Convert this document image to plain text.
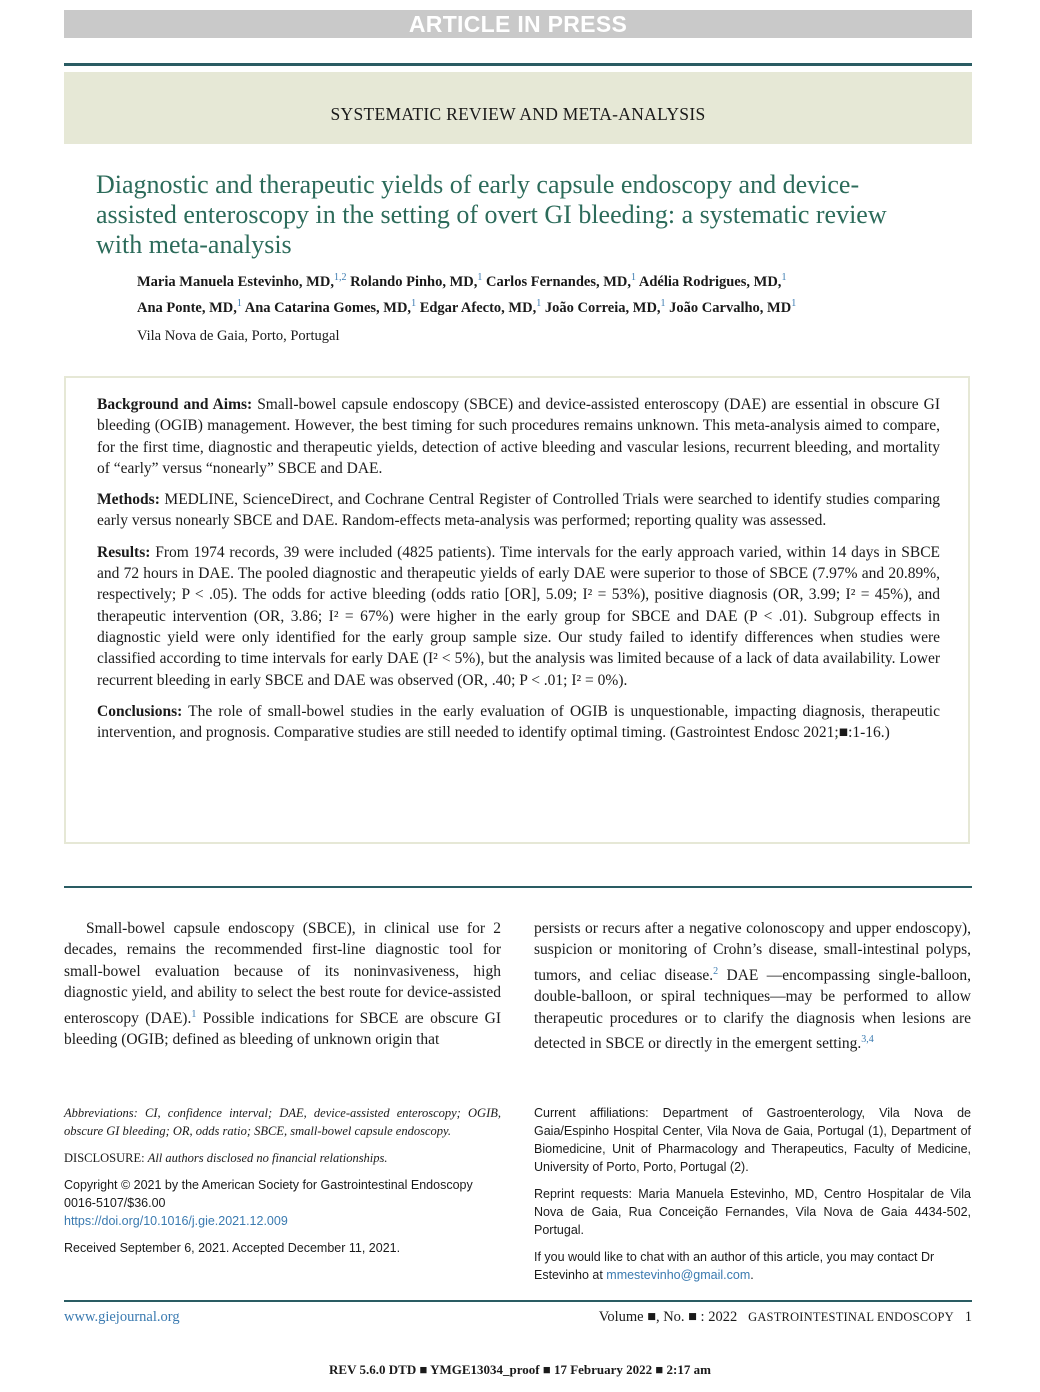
ARTICLE IN PRESS
SYSTEMATIC REVIEW AND META-ANALYSIS
Diagnostic and therapeutic yields of early capsule endoscopy and device-assisted enteroscopy in the setting of overt GI bleeding: a systematic review with meta-analysis
Maria Manuela Estevinho, MD,$^{1,2}$ Rolando Pinho, MD,$^1$ Carlos Fernandes, MD,$^1$ Adélia Rodrigues, MD,$^1$
Ana Ponte, MD,$^1$ Ana Catarina Gomes, MD,$^1$ Edgar Afecto, MD,$^1$ João Correia, MD,$^1$ João Carvalho, $MD^1$
Vila Nova de Gaia, Porto, Portugal

Background and Aims: Small-bowel capsule endoscopy (SBCE) and device-assisted enteroscopy (DAE) are essential in obscure GI bleeding (OGIB) management. However, the best timing for such procedures remains unknown. This meta-analysis aimed to compare, for the first time, diagnostic and therapeutic yields, detection of active bleeding and vascular lesions, recurrent bleeding, and mortality of “early” versus “nonearly” SBCE and DAE.

Methods: MEDLINE, ScienceDirect, and Cochrane Central Register of Controlled Trials were searched to identify studies comparing early versus nonearly SBCE and DAE. Random-effects meta-analysis was performed; reporting quality was assessed.

Results: From 1974 records, 39 were included (4825 patients). Time intervals for the early approach varied, within 14 days in SBCE and 72 hours in DAE. The pooled diagnostic and therapeutic yields of early DAE were superior to those of SBCE (7.97% and 20.89%, respectively; P < .05). The odds for active bleeding (odds ratio [OR], 5.09; I² = 53%), positive diagnosis (OR, 3.99; I² = 45%), and therapeutic intervention (OR, 3.86; I² = 67%) were higher in the early group for SBCE and DAE (P < .01). Subgroup effects in diagnostic yield were only identified for the early group sample size. Our study failed to identify differences when studies were classified according to time intervals for early DAE (I² < 5%), but the analysis was limited because of a lack of data availability. Lower recurrent bleeding in early SBCE and DAE was observed (OR, .40; P < .01; I² = 0%).

Conclusions: The role of small-bowel studies in the early evaluation of OGIB is unquestionable, impacting diagnosis, therapeutic intervention, and prognosis. Comparative studies are still needed to identify optimal timing. (Gastrointest Endosc 2021;■:1-16.)

Small-bowel capsule endoscopy (SBCE), in clinical use for 2 decades, remains the recommended first-line diagnostic tool for small-bowel evaluation because of its noninvasiveness, high diagnostic yield, and ability to select the best route for device-assisted enteroscopy (DAE).$^1$ Possible indications for SBCE are obscure GI bleeding (OGIB; defined as bleeding of unknown origin that
persists or recurs after a negative colonoscopy and upper endoscopy), suspicion or monitoring of Crohn’s disease, small-intestinal polyps, tumors, and celiac disease.$^2$ DAE —encompassing single-balloon, double-balloon, or spiral techniques—may be performed to allow therapeutic procedures or to clarify the diagnosis when lesions are detected in SBCE or directly in the emergent setting.$^{3,4}$
Abbreviations: CI, confidence interval; DAE, device-assisted enteroscopy; OGIB, obscure GI bleeding; OR, odds ratio; SBCE, small-bowel capsule endoscopy.
DISCLOSURE: All authors disclosed no financial relationships.
Copyright © 2021 by the American Society for Gastrointestinal Endoscopy
0016-5107/$36.00
https://doi.org/10.1016/j.gie.2021.12.009
Received September 6, 2021. Accepted December 11, 2021.
Current affiliations: Department of Gastroenterology, Vila Nova de Gaia/Espinho Hospital Center, Vila Nova de Gaia, Portugal (1), Department of Biomedicine, Unit of Pharmacology and Therapeutics, Faculty of Medicine, University of Porto, Porto, Portugal (2).
Reprint requests: Maria Manuela Estevinho, MD, Centro Hospitalar de Vila Nova de Gaia, Rua Conceição Fernandes, Vila Nova de Gaia 4434-502, Portugal.
If you would like to chat with an author of this article, you may contact Dr Estevinho at mmestevinho@gmail.com.
www.giejournal.org	Volume ■, No. ■ : 2022 GASTROINTESTINAL ENDOSCOPY 1
REV 5.6.0 DTD ■ YMGE13034_proof ■ 17 February 2022 ■ 2:17 am
